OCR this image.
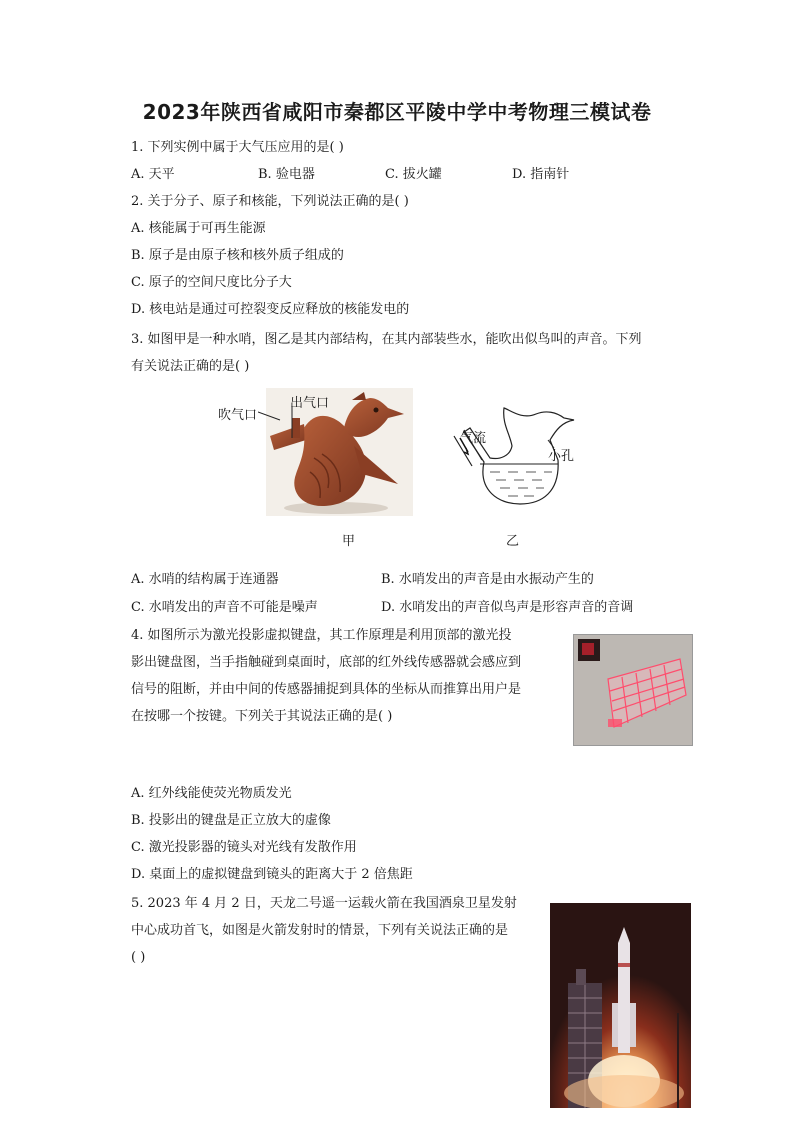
2023年陕西省咸阳市秦都区平陵中学中考物理三模试卷
1. 下列实例中属于大气压应用的是( )
A. 天平	B. 验电器	C. 拔火罐	D. 指南针
2. 关于分子、原子和核能，下列说法正确的是( )
A. 核能属于可再生能源
B. 原子是由原子核和核外质子组成的
C. 原子的空间尺度比分子大
D. 核电站是通过可控裂变反应释放的核能发电的
3. 如图甲是一种水哨，图乙是其内部结构，在其内部装些水，能吹出似鸟叫的声音。下列
有关说法正确的是( )
吹气口
出气口
甲
气流
小孔
乙
A. 水哨的结构属于连通器	B. 水哨发出的声音是由水振动产生的
C. 水哨发出的声音不可能是噪声	D. 水哨发出的声音似鸟声是形容声音的音调
4. 如图所示为激光投影虚拟键盘，其工作原理是利用顶部的激光投
影出键盘图，当手指触碰到桌面时，底部的红外线传感器就会感应到
信号的阻断，并由中间的传感器捕捉到具体的坐标从而推算出用户是
在按哪一个按键。下列关于其说法正确的是( )
A. 红外线能使荧光物质发光
B. 投影出的键盘是正立放大的虚像
C. 激光投影器的镜头对光线有发散作用
D. 桌面上的虚拟键盘到镜头的距离大于 2 倍焦距
5. 2023 年 4 月 2 日，天龙二号遥一运载火箭在我国酒泉卫星发射
中心成功首飞，如图是火箭发射时的情景，下列有关说法正确的是
( )
